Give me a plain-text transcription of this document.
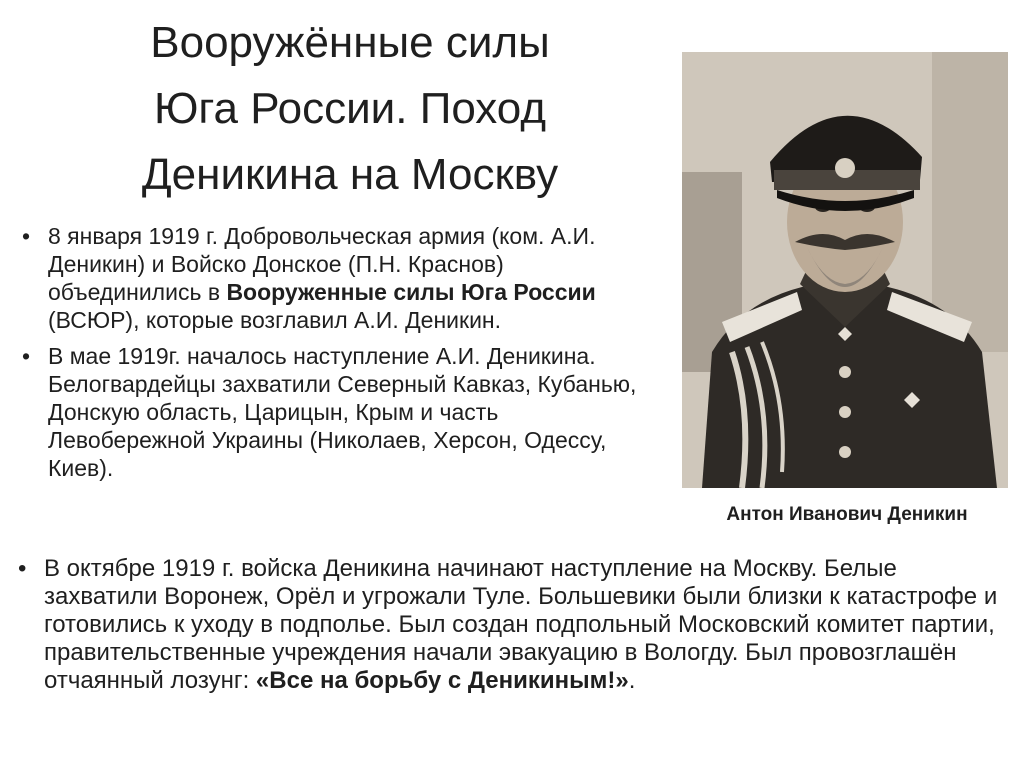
Вооружённые силы
Юга России. Поход
Деникина на Москву
• 8 января 1919 г. Добровольческая армия (ком. А.И. Деникин) и Войско Донское (П.Н. Краснов) объединились в Вооруженные силы Юга России (ВСЮР), которые возглавил А.И. Деникин.
• В мае 1919г. началось наступление А.И. Деникина. Белогвардейцы захватили Северный Кавказ, Кубанью, Донскую область, Царицын, Крым и часть Левобережной Украины (Николаев, Херсон, Одессу, Киев).
Антон Иванович Деникин
• В октябре 1919 г. войска Деникина начинают наступление на Москву. Белые захватили Воронеж, Орёл и угрожали Туле. Большевики были близки к катастрофе и готовились к уходу в подполье. Был создан подпольный Московский комитет партии, правительственные учреждения начали эвакуацию в Вологду. Был провозглашён отчаянный лозунг: «Все на борьбу с Деникиным!».
